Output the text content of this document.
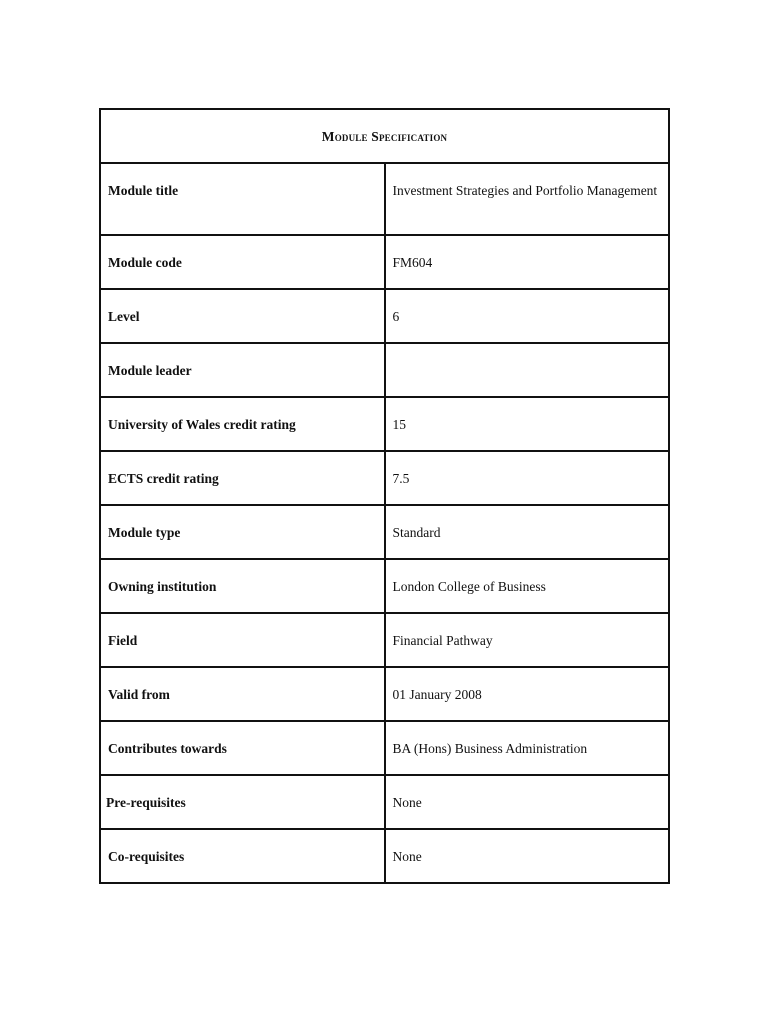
Module Specification	
Module title	Investment Strategies and Portfolio Management
Module code	FM604
Level	6
Module leader	
University of Wales credit rating	15
ECTS credit rating	7.5
Module type	Standard
Owning institution	London College of Business
Field	Financial Pathway
Valid from	01 January 2008
Contributes towards	BA (Hons) Business Administration
Pre-requisites	None
Co-requisites	None
